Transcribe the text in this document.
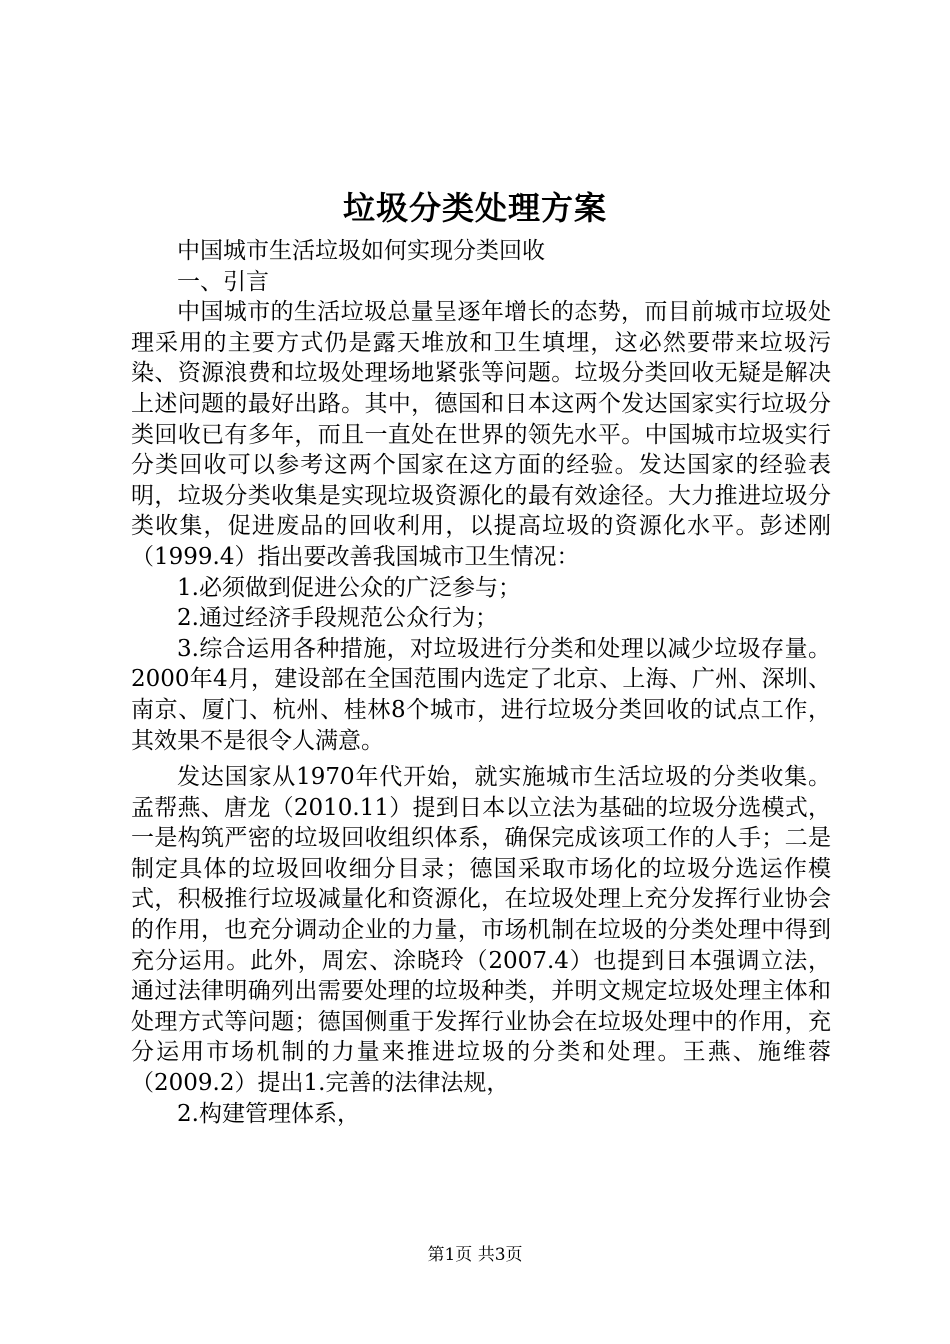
垃圾分类处理方案

中国城市生活垃圾如何实现分类回收

一、引言

中国城市的生活垃圾总量呈逐年增长的态势，而目前城市垃圾处理采用的主要方式仍是露天堆放和卫生填埋，这必然要带来垃圾污染、资源浪费和垃圾处理场地紧张等问题。垃圾分类回收无疑是解决上述问题的最好出路。其中，德国和日本这两个发达国家实行垃圾分类回收已有多年，而且一直处在世界的领先水平。中国城市垃圾实行分类回收可以参考这两个国家在这方面的经验。发达国家的经验表明，垃圾分类收集是实现垃圾资源化的最有效途径。大力推进垃圾分类收集，促进废品的回收利用，以提高垃圾的资源化水平。彭述刚（1999.4）指出要改善我国城市卫生情况：

1.必须做到促进公众的广泛参与；

2.通过经济手段规范公众行为；

3.综合运用各种措施，对垃圾进行分类和处理以减少垃圾存量。2000年4月，建设部在全国范围内选定了北京、上海、广州、深圳、南京、厦门、杭州、桂林8个城市，进行垃圾分类回收的试点工作，其效果不是很令人满意。

发达国家从1970年代开始，就实施城市生活垃圾的分类收集。孟帮燕、唐龙（2010.11）提到日本以立法为基础的垃圾分选模式，一是构筑严密的垃圾回收组织体系，确保完成该项工作的人手；二是制定具体的垃圾回收细分目录；德国采取市场化的垃圾分选运作模式，积极推行垃圾减量化和资源化，在垃圾处理上充分发挥行业协会的作用，也充分调动企业的力量，市场机制在垃圾的分类处理中得到充分运用。此外，周宏、涂晓玲（2007.4）也提到日本强调立法，通过法律明确列出需要处理的垃圾种类，并明文规定垃圾处理主体和处理方式等问题；德国侧重于发挥行业协会在垃圾处理中的作用，充分运用市场机制的力量来推进垃圾的分类和处理。王燕、施维蓉（2009.2）提出1.完善的法律法规，

2.构建管理体系，

第1页 共3页
